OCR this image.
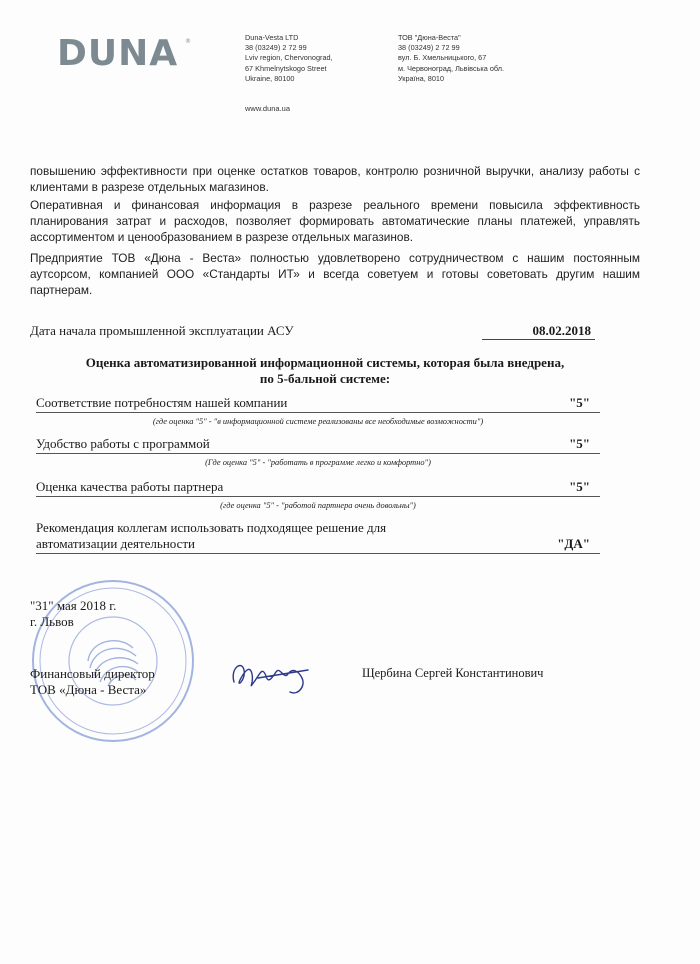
DUNA ®	Duna-Vesta LTD
38 (03249) 2 72 99
Lviv region, Chervonograd,
67 Khmelnytskogo Street
Ukraine, 80100
ТОВ "Дюна-Веста"
38 (03249) 2 72 99
вул. Б. Хмельницького, 67
м. Червоноград, Львівська обл.
Україна, 8010
www.duna.ua
повышению эффективности при оценке остатков товаров, контролю розничной выручки, анализу работы с клиентами в разрезе отдельных магазинов.
Оперативная и финансовая информация в разрезе реального времени повысила эффективность планирования затрат и расходов, позволяет формировать автоматические планы платежей, управлять ассортиментом и ценообразованием в разрезе отдельных магазинов.
Предприятие ТОВ «Дюна - Веста» полностью удовлетворено сотрудничеством с нашим постоянным аутсорсом, компанией ООО «Стандарты ИТ» и всегда советуем и готовы советовать другим нашим партнерам.
Дата начала промышленной эксплуатации АСУ	08.02.2018
Оценка автоматизированной информационной системы, которая была внедрена,
по 5-бальной системе:
Соответствие потребностям нашей компании	"5"
(где оценка "5" - "в информационной системе реализованы все необходимые возможности")
Удобство работы с программой	"5"
(Где оценка "5" - "работать в программе легко и комфортно")
Оценка качества работы партнера	"5"
(где оценка "5" - "работой партнера очень довольны")
Рекомендация коллегам использовать подходящее решение для
автоматизации деятельности	"ДА"
"31" мая 2018 г.
г. Львов
Финансовый директор
ТОВ «Дюна - Веста»
Щербина Сергей Константинович
